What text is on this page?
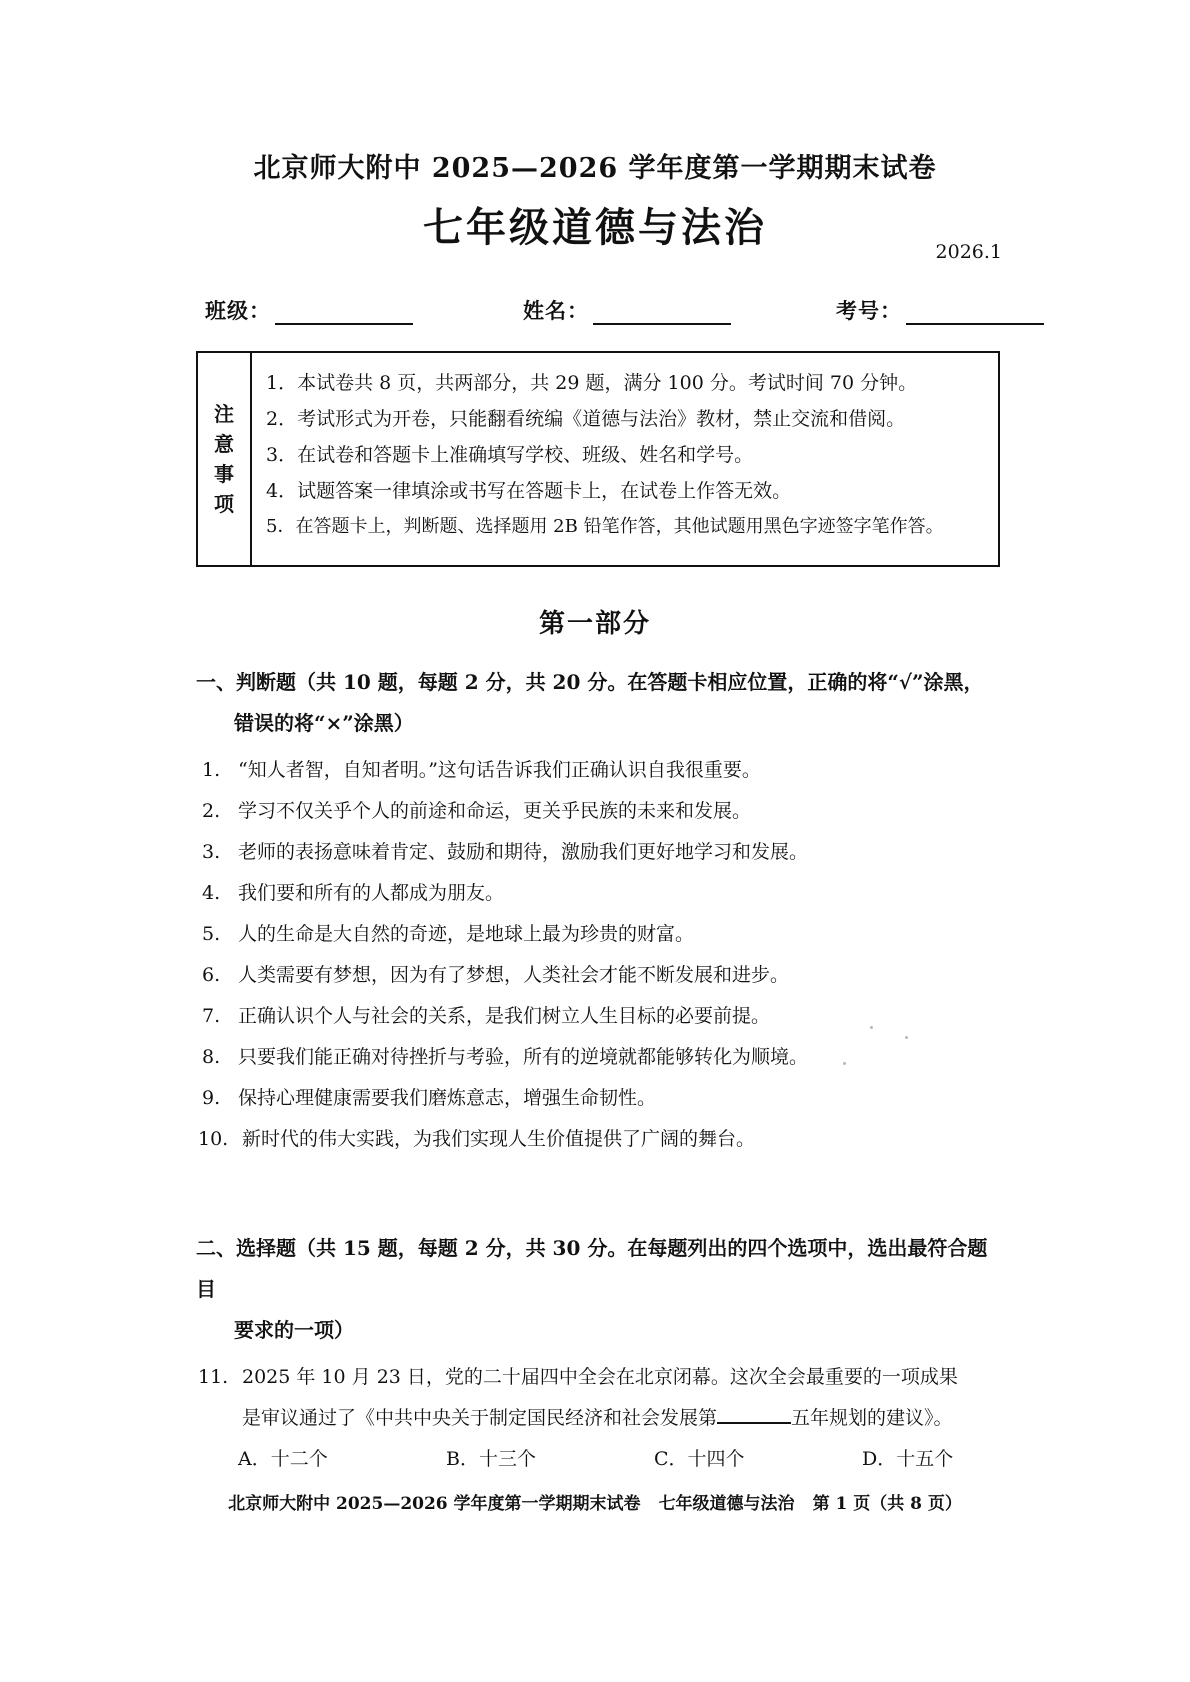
北京师大附中 2025—2026 学年度第一学期期末试卷
七年级道德与法治
2026.1
班级：	姓名：	考号：
注
意
事
项
1．本试卷共 8 页，共两部分，共 29 题，满分 100 分。考试时间 70 分钟。
2．考试形式为开卷，只能翻看统编《道德与法治》教材，禁止交流和借阅。
3．在试卷和答题卡上准确填写学校、班级、姓名和学号。
4．试题答案一律填涂或书写在答题卡上，在试卷上作答无效。
5．在答题卡上，判断题、选择题用 2B 铅笔作答，其他试题用黑色字迹签字笔作答。
第一部分
一、判断题（共 10 题，每题 2 分，共 20 分。在答题卡相应位置，正确的将“√”涂黑，
错误的将“×”涂黑）
1. “知人者智，自知者明。”这句话告诉我们正确认识自我很重要。
2. 学习不仅关乎个人的前途和命运，更关乎民族的未来和发展。
3. 老师的表扬意味着肯定、鼓励和期待，激励我们更好地学习和发展。
4. 我们要和所有的人都成为朋友。
5. 人的生命是大自然的奇迹，是地球上最为珍贵的财富。
6. 人类需要有梦想，因为有了梦想，人类社会才能不断发展和进步。
7. 正确认识个人与社会的关系，是我们树立人生目标的必要前提。
8. 只要我们能正确对待挫折与考验，所有的逆境就都能够转化为顺境。
9. 保持心理健康需要我们磨炼意志，增强生命韧性。
10. 新时代的伟大实践，为我们实现人生价值提供了广阔的舞台。
二、选择题（共 15 题，每题 2 分，共 30 分。在每题列出的四个选项中，选出最符合题目
要求的一项）
11. 2025 年 10 月 23 日，党的二十届四中全会在北京闭幕。这次全会最重要的一项成果
是审议通过了《中共中央关于制定国民经济和社会发展第	五年规划的建议》。
A．十二个	B．十三个	C．十四个	D．十五个
北京师大附中 2025—2026 学年度第一学期期末试卷 七年级道德与法治 第 1 页（共 8 页）
